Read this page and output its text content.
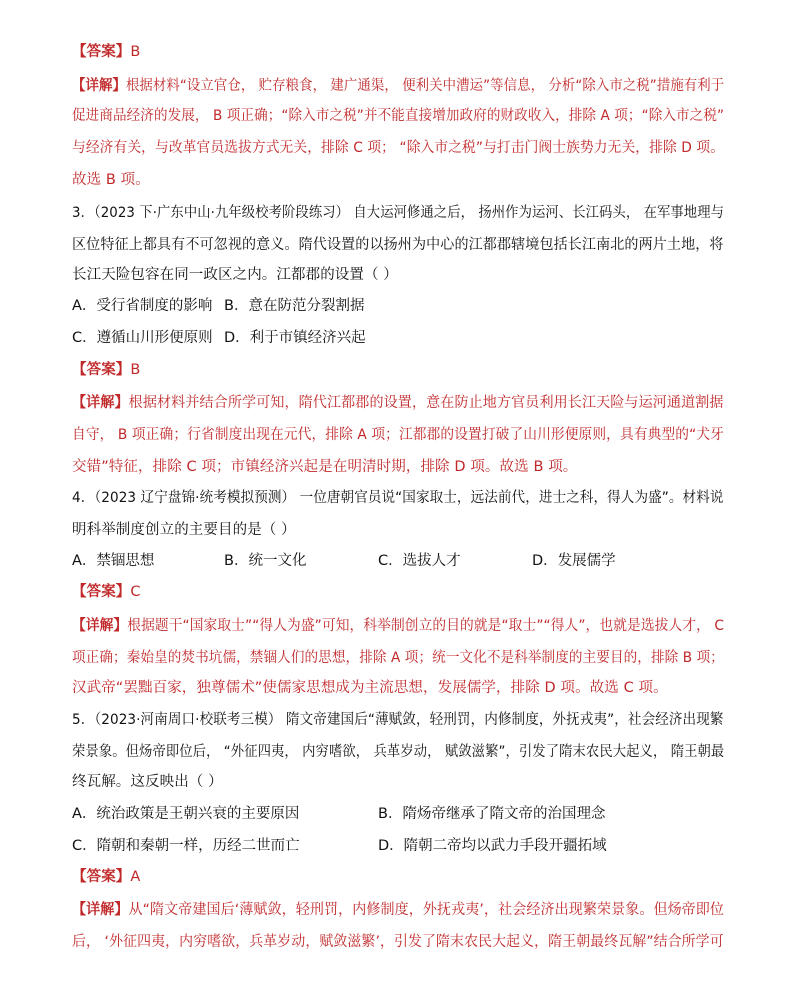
【答案】B
【详解】根据材料“设立官仓， 贮存粮食， 建广通渠， 便利关中漕运”等信息， 分析“除入市之税”措施有利于
促进商品经济的发展， B 项正确；“除入市之税”并不能直接增加政府的财政收入，排除 A 项；“除入市之税”
与经济有关，与改革官员选拔方式无关，排除 C 项； “除入市之税”与打击门阀士族势力无关，排除 D 项。
故选 B 项。
3．（2023 下·广东中山·九年级校考阶段练习） 自大运河修通之后， 扬州作为运河、长江码头， 在军事地理与
区位特征上都具有不可忽视的意义。隋代设置的以扬州为中心的江都郡辖境包括长江南北的两片土地，将
长江天险包容在同一政区之内。江都郡的设置（ ）
A．受行省制度的影响 B．意在防范分裂割据
C．遵循山川形便原则 D．利于市镇经济兴起
【答案】B
【详解】根据材料并结合所学可知，隋代江都郡的设置，意在防止地方官员利用长江天险与运河通道割据
自守， B 项正确；行省制度出现在元代，排除 A 项；江都郡的设置打破了山川形便原则，具有典型的“犬牙
交错”特征，排除 C 项；市镇经济兴起是在明清时期，排除 D 项。故选 B 项。
4．（2023 辽宁盘锦·统考模拟预测） 一位唐朝官员说“国家取士，远法前代，进士之科，得人为盛”。材料说
明科举制度创立的主要目的是（ ）
A．禁锢思想	B．统一文化	C．选拔人才	D．发展儒学
【答案】C
【详解】根据题干“国家取士”“得人为盛”可知，科举制创立的目的就是“取士”“得人”，也就是选拔人才， C
项正确；秦始皇的焚书坑儒，禁锢人们的思想，排除 A 项；统一文化不是科举制度的主要目的，排除 B 项；
汉武帝“罢黜百家，独尊儒术”使儒家思想成为主流思想，发展儒学，排除 D 项。故选 C 项。
5．（2023·河南周口·校联考三模） 隋文帝建国后“薄赋敛，轻刑罚，内修制度，外抚戎夷”，社会经济出现繁
荣景象。但炀帝即位后， “外征四夷， 内穷嗜欲， 兵革岁动， 赋敛滋繁”，引发了隋末农民大起义， 隋王朝最
终瓦解。这反映出（ ）
A．统治政策是王朝兴衰的主要原因	B．隋炀帝继承了隋文帝的治国理念
C．隋朝和秦朝一样，历经二世而亡	D．隋朝二帝均以武力手段开疆拓域
【答案】A
【详解】从“隋文帝建国后‘薄赋敛，轻刑罚，内修制度，外抚戎夷’，社会经济出现繁荣景象。但炀帝即位
后， ‘外征四夷，内穷嗜欲，兵革岁动，赋敛滋繁’，引发了隋末农民大起义，隋王朝最终瓦解”结合所学可
